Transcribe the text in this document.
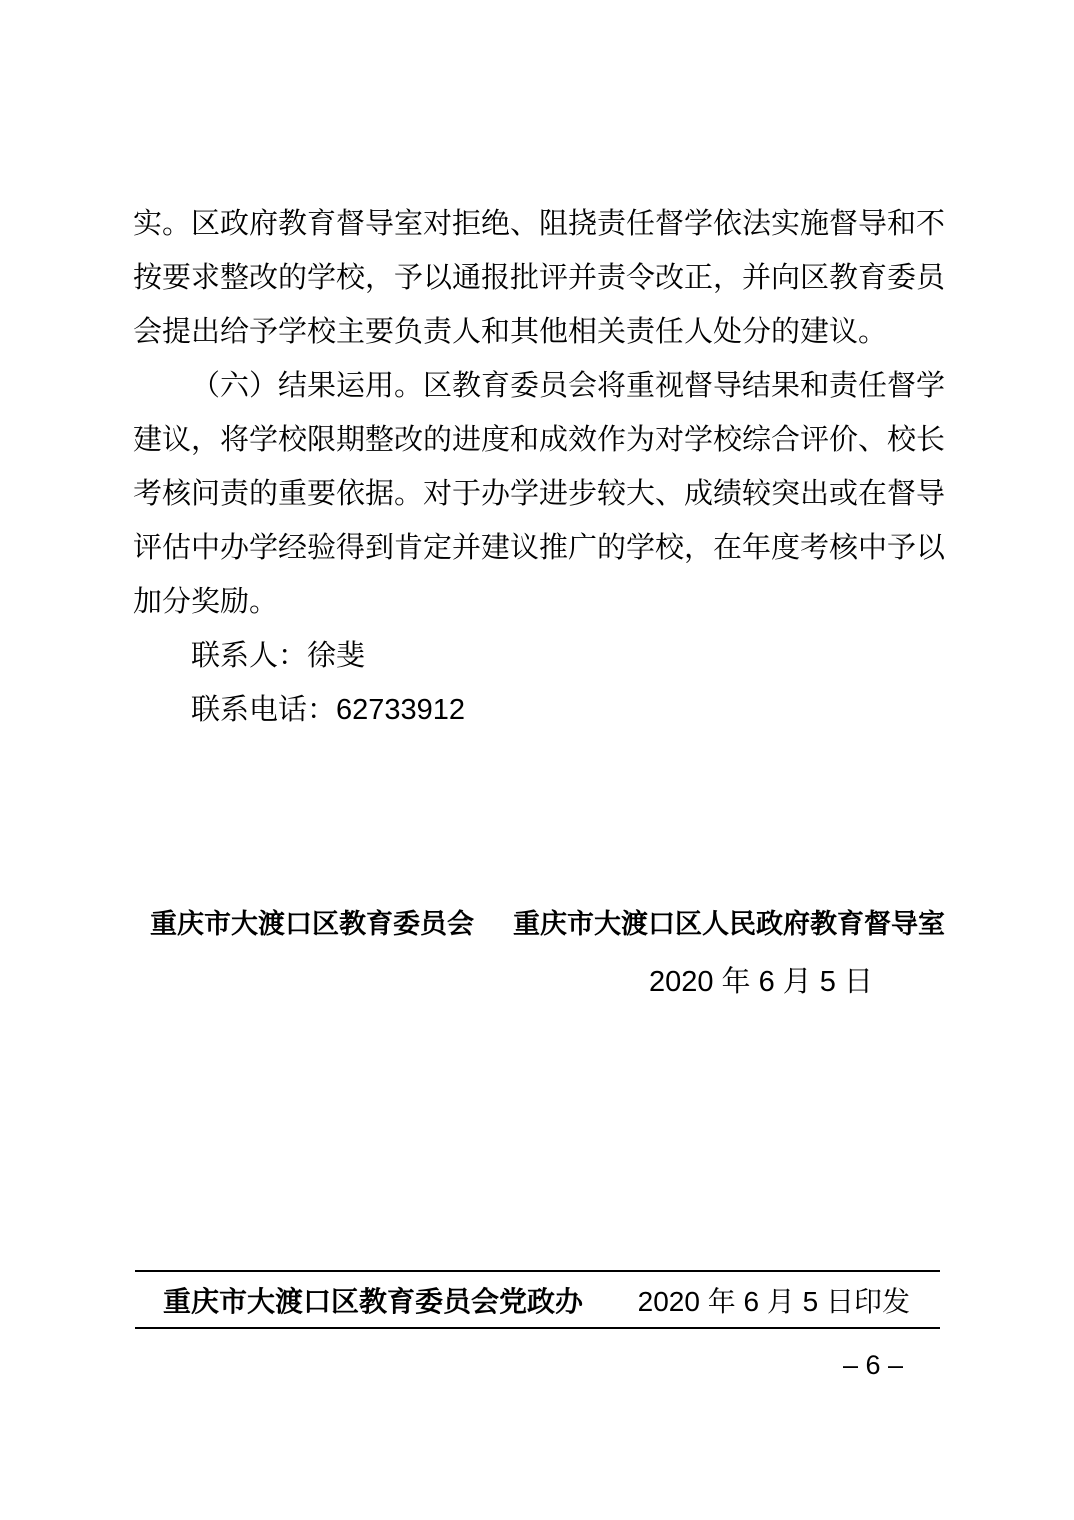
实。区政府教育督导室对拒绝、阻挠责任督学依法实施督导和不
按要求整改的学校，予以通报批评并责令改正，并向区教育委员
会提出给予学校主要负责人和其他相关责任人处分的建议。
（六）结果运用。区教育委员会将重视督导结果和责任督学
建议，将学校限期整改的进度和成效作为对学校综合评价、校长
考核问责的重要依据。对于办学进步较大、成绩较突出或在督导
评估中办学经验得到肯定并建议推广的学校，在年度考核中予以
加分奖励。
联系人：徐斐
联系电话：62733912
重庆市大渡口区教育委员会 重庆市大渡口区人民政府教育督导室
2020 年 6 月 5 日
重庆市大渡口区教育委员会党政办 2020 年 6 月 5 日印发
– 6 –
